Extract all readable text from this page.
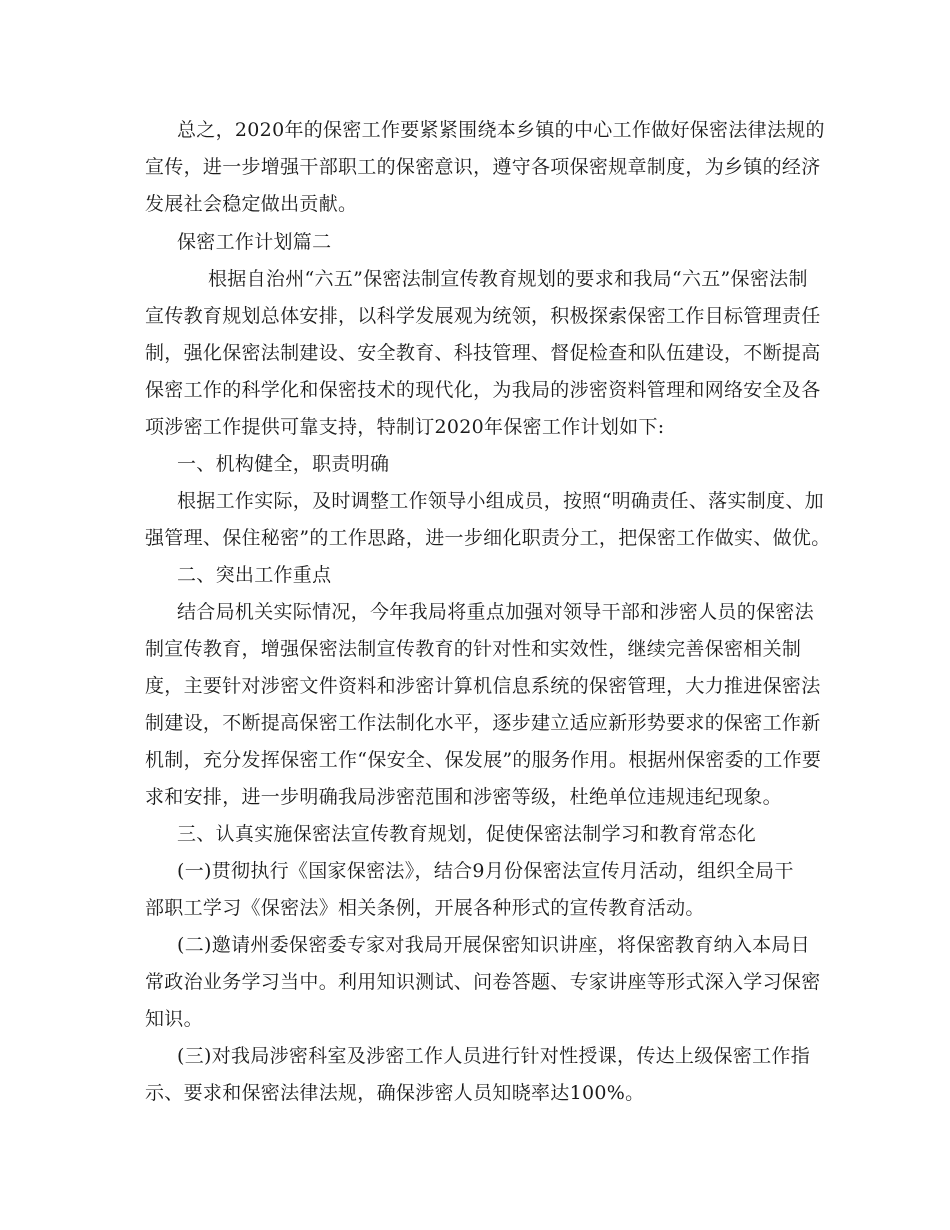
总之，2020年的保密工作要紧紧围绕本乡镇的中心工作做好保密法律法规的
宣传，进一步增强干部职工的保密意识，遵守各项保密规章制度，为乡镇的经济
发展社会稳定做出贡献。
保密工作计划篇二
根据自治州“六五”保密法制宣传教育规划的要求和我局“六五”保密法制
宣传教育规划总体安排，以科学发展观为统领，积极探索保密工作目标管理责任
制，强化保密法制建设、安全教育、科技管理、督促检查和队伍建设，不断提高
保密工作的科学化和保密技术的现代化，为我局的涉密资料管理和网络安全及各
项涉密工作提供可靠支持，特制订2020年保密工作计划如下:
一、机构健全，职责明确
根据工作实际，及时调整工作领导小组成员，按照“明确责任、落实制度、加
强管理、保住秘密”的工作思路，进一步细化职责分工，把保密工作做实、做优。
二、突出工作重点
结合局机关实际情况，今年我局将重点加强对领导干部和涉密人员的保密法
制宣传教育，增强保密法制宣传教育的针对性和实效性，继续完善保密相关制
度，主要针对涉密文件资料和涉密计算机信息系统的保密管理，大力推进保密法
制建设，不断提高保密工作法制化水平，逐步建立适应新形势要求的保密工作新
机制，充分发挥保密工作“保安全、保发展”的服务作用。根据州保密委的工作要
求和安排，进一步明确我局涉密范围和涉密等级，杜绝单位违规违纪现象。
三、认真实施保密法宣传教育规划，促使保密法制学习和教育常态化
(一)贯彻执行《国家保密法》，结合9月份保密法宣传月活动，组织全局干
部职工学习《保密法》相关条例，开展各种形式的宣传教育活动。
(二)邀请州委保密委专家对我局开展保密知识讲座，将保密教育纳入本局日
常政治业务学习当中。利用知识测试、问卷答题、专家讲座等形式深入学习保密
知识。
(三)对我局涉密科室及涉密工作人员进行针对性授课，传达上级保密工作指
示、要求和保密法律法规，确保涉密人员知晓率达100%。
